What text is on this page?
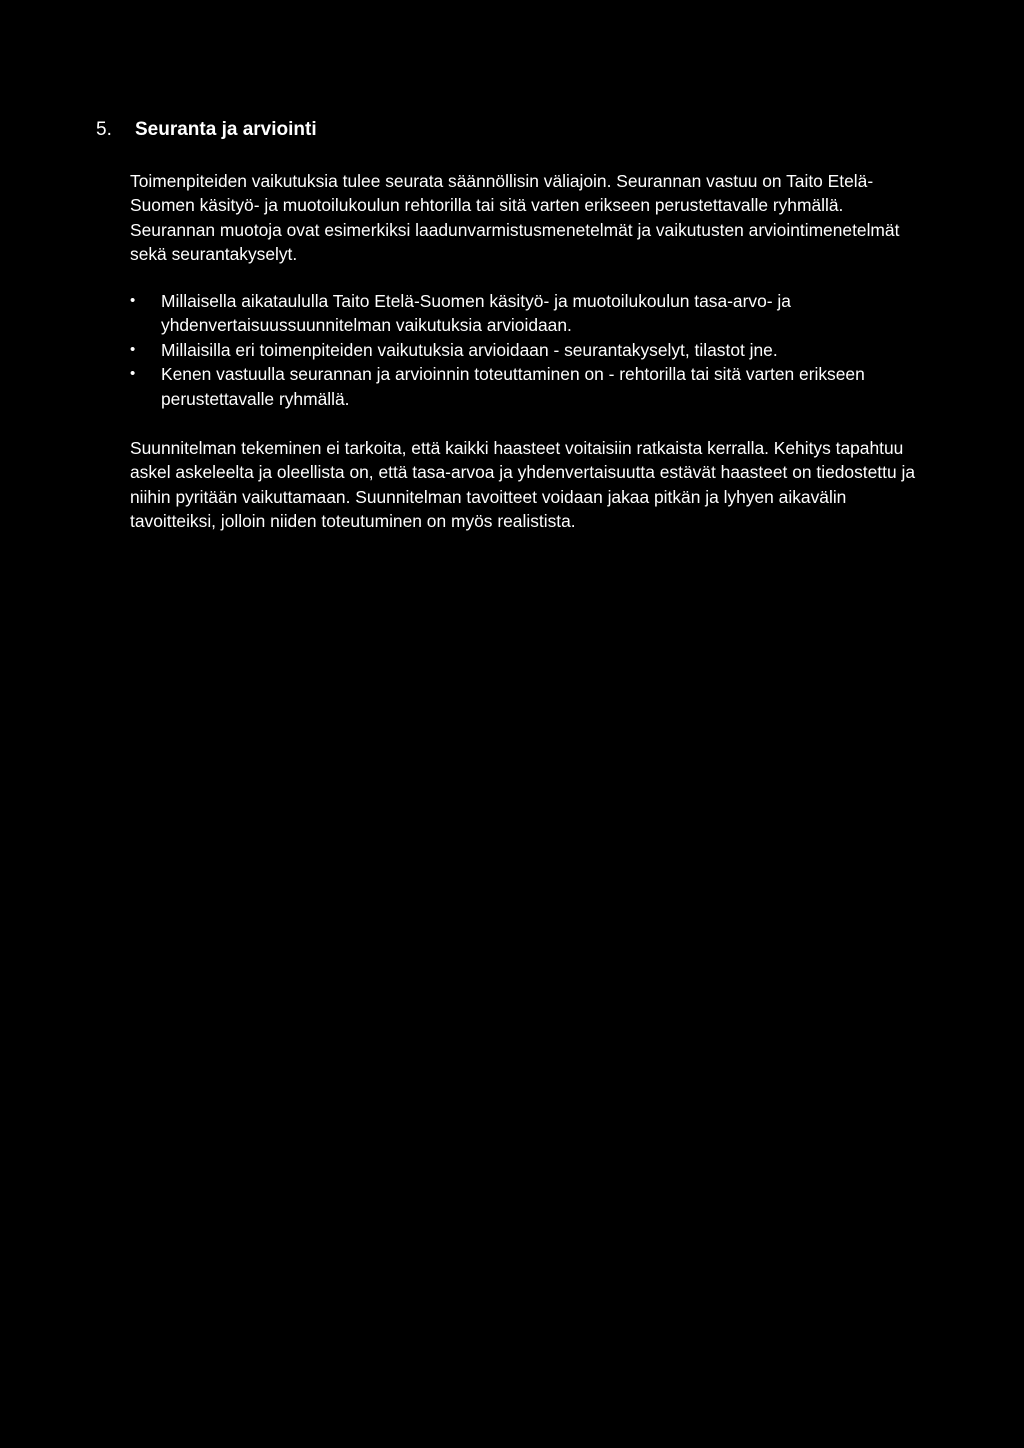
5. Seuranta ja arviointi

Toimenpiteiden vaikutuksia tulee seurata säännöllisin väliajoin. Seurannan vastuu on Taito Etelä-Suomen käsityö- ja muotoilukoulun rehtorilla tai sitä varten erikseen perustettavalle ryhmällä. Seurannan muotoja ovat esimerkiksi laadunvarmistusmenetelmät ja vaikutusten arviointimenetelmät sekä seurantakyselyt.

•	Millaisella aikataululla Taito Etelä-Suomen käsityö- ja muotoilukoulun tasa-arvo- ja yhdenvertaisuussuunnitelman vaikutuksia arvioidaan.
•	Millaisilla eri toimenpiteiden vaikutuksia arvioidaan - seurantakyselyt, tilastot jne.
•	Kenen vastuulla seurannan ja arvioinnin toteuttaminen on - rehtorilla tai sitä varten erikseen perustettavalle ryhmällä.

Suunnitelman tekeminen ei tarkoita, että kaikki haasteet voitaisiin ratkaista kerralla. Kehitys tapahtuu askel askeleelta ja oleellista on, että tasa-arvoa ja yhdenvertaisuutta estävät haasteet on tiedostettu ja niihin pyritään vaikuttamaan. Suunnitelman tavoitteet voidaan jakaa pitkän ja lyhyen aikavälin tavoitteiksi, jolloin niiden toteutuminen on myös realistista.
